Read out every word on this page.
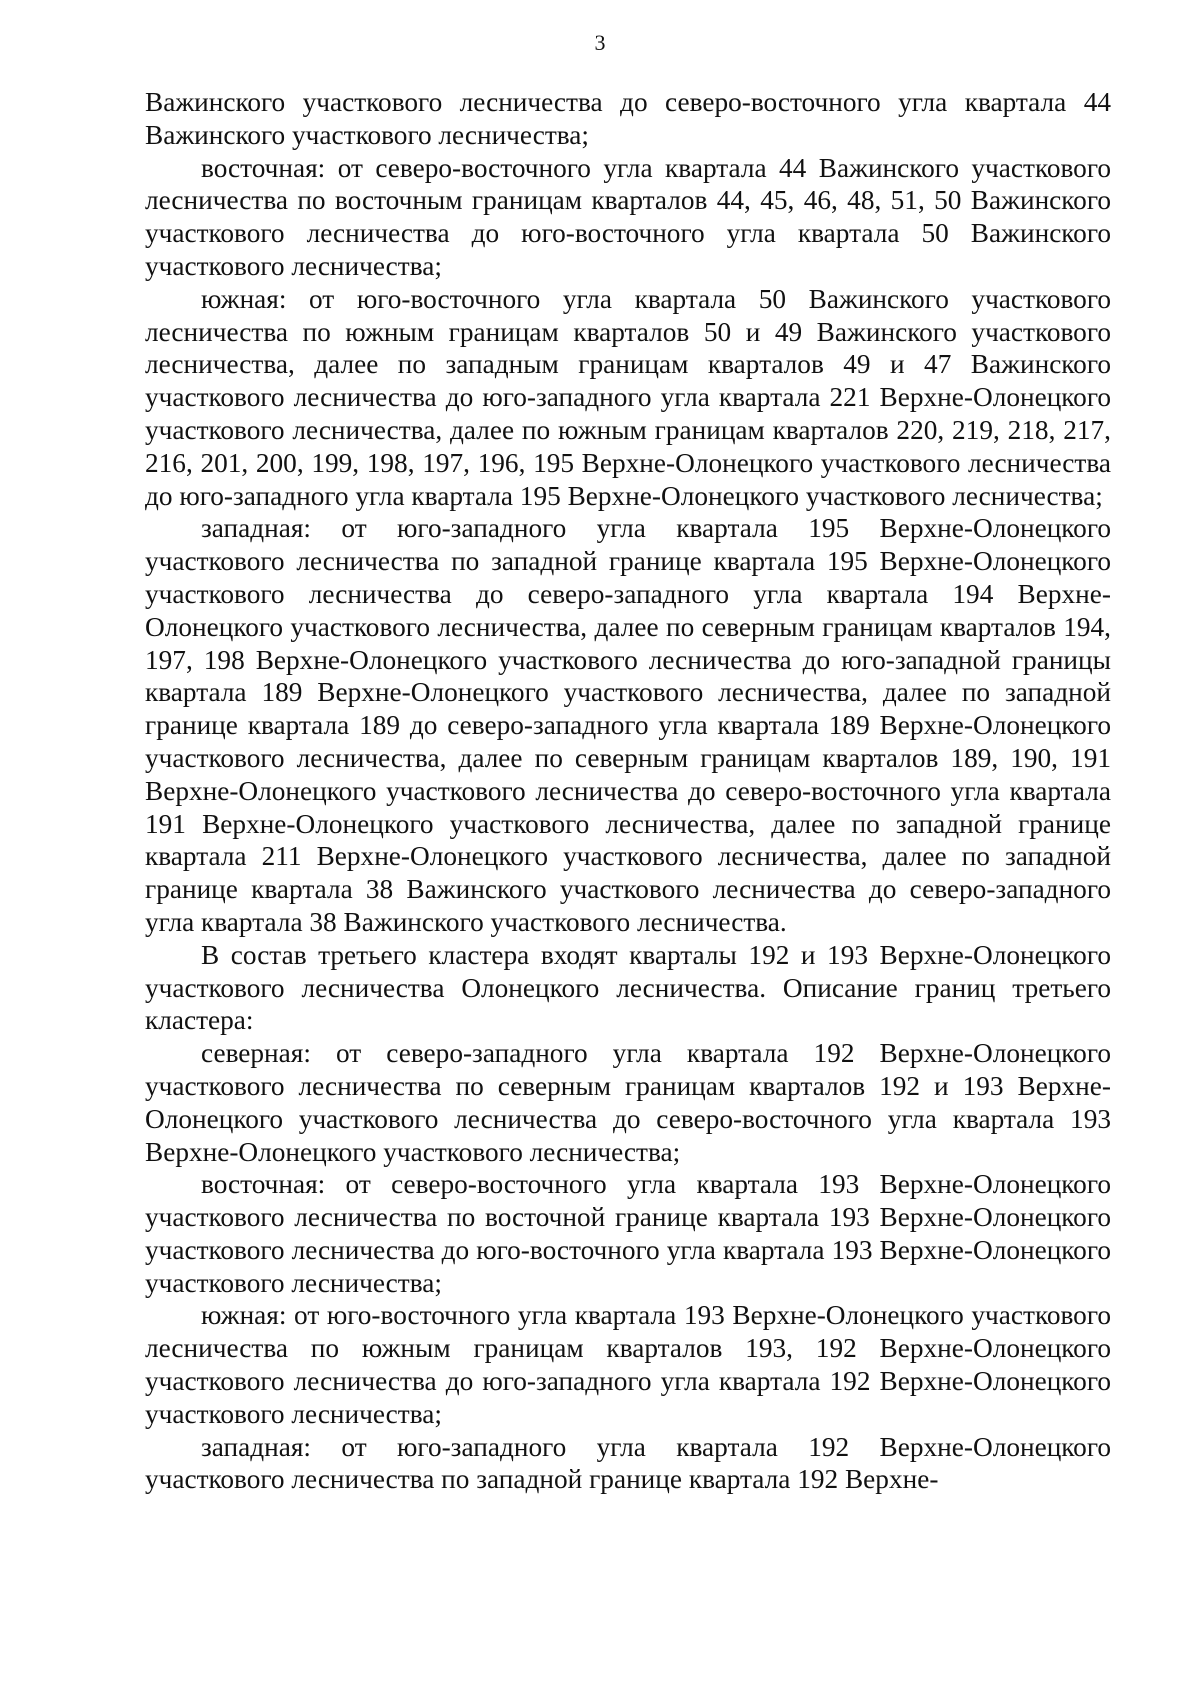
3

Важинского участкового лесничества до северо-восточного угла квартала 44 Важинского участкового лесничества;

восточная: от северо-восточного угла квартала 44 Важинского участкового лесничества по восточным границам кварталов 44, 45, 46, 48, 51, 50 Важинского участкового лесничества до юго-восточного угла квартала 50 Важинского участкового лесничества;

южная: от юго-восточного угла квартала 50 Важинского участкового лесничества по южным границам кварталов 50 и 49 Важинского участкового лесничества, далее по западным границам кварталов 49 и 47 Важинского участкового лесничества до юго-западного угла квартала 221 Верхне-Олонецкого участкового лесничества, далее по южным границам кварталов 220, 219, 218, 217, 216, 201, 200, 199, 198, 197, 196, 195 Верхне-Олонецкого участкового лесничества до юго-западного угла квартала 195 Верхне-Олонецкого участкового лесничества;

западная: от юго-западного угла квартала 195 Верхне-Олонецкого участкового лесничества по западной границе квартала 195 Верхне-Олонецкого участкового лесничества до северо-западного угла квартала 194 Верхне-Олонецкого участкового лесничества, далее по северным границам кварталов 194, 197, 198 Верхне-Олонецкого участкового лесничества до юго-западной границы квартала 189 Верхне-Олонецкого участкового лесничества, далее по западной границе квартала 189 до северо-западного угла квартала 189 Верхне-Олонецкого участкового лесничества, далее по северным границам кварталов 189, 190, 191 Верхне-Олонецкого участкового лесничества до северо-восточного угла квартала 191 Верхне-Олонецкого участкового лесничества, далее по западной границе квартала 211 Верхне-Олонецкого участкового лесничества, далее по западной границе квартала 38 Важинского участкового лесничества до северо-западного угла квартала 38 Важинского участкового лесничества.

В состав третьего кластера входят кварталы 192 и 193 Верхне-Олонецкого участкового лесничества Олонецкого лесничества. Описание границ третьего кластера:

северная: от северо-западного угла квартала 192 Верхне-Олонецкого участкового лесничества по северным границам кварталов 192 и 193 Верхне-Олонецкого участкового лесничества до северо-восточного угла квартала 193 Верхне-Олонецкого участкового лесничества;

восточная: от северо-восточного угла квартала 193 Верхне-Олонецкого участкового лесничества по восточной границе квартала 193 Верхне-Олонецкого участкового лесничества до юго-восточного угла квартала 193 Верхне-Олонецкого участкового лесничества;

южная: от юго-восточного угла квартала 193 Верхне-Олонецкого участкового лесничества по южным границам кварталов 193, 192 Верхне-Олонецкого участкового лесничества до юго-западного угла квартала 192 Верхне-Олонецкого участкового лесничества;

западная: от юго-западного угла квартала 192 Верхне-Олонецкого участкового лесничества по западной границе квартала 192 Верхне-
